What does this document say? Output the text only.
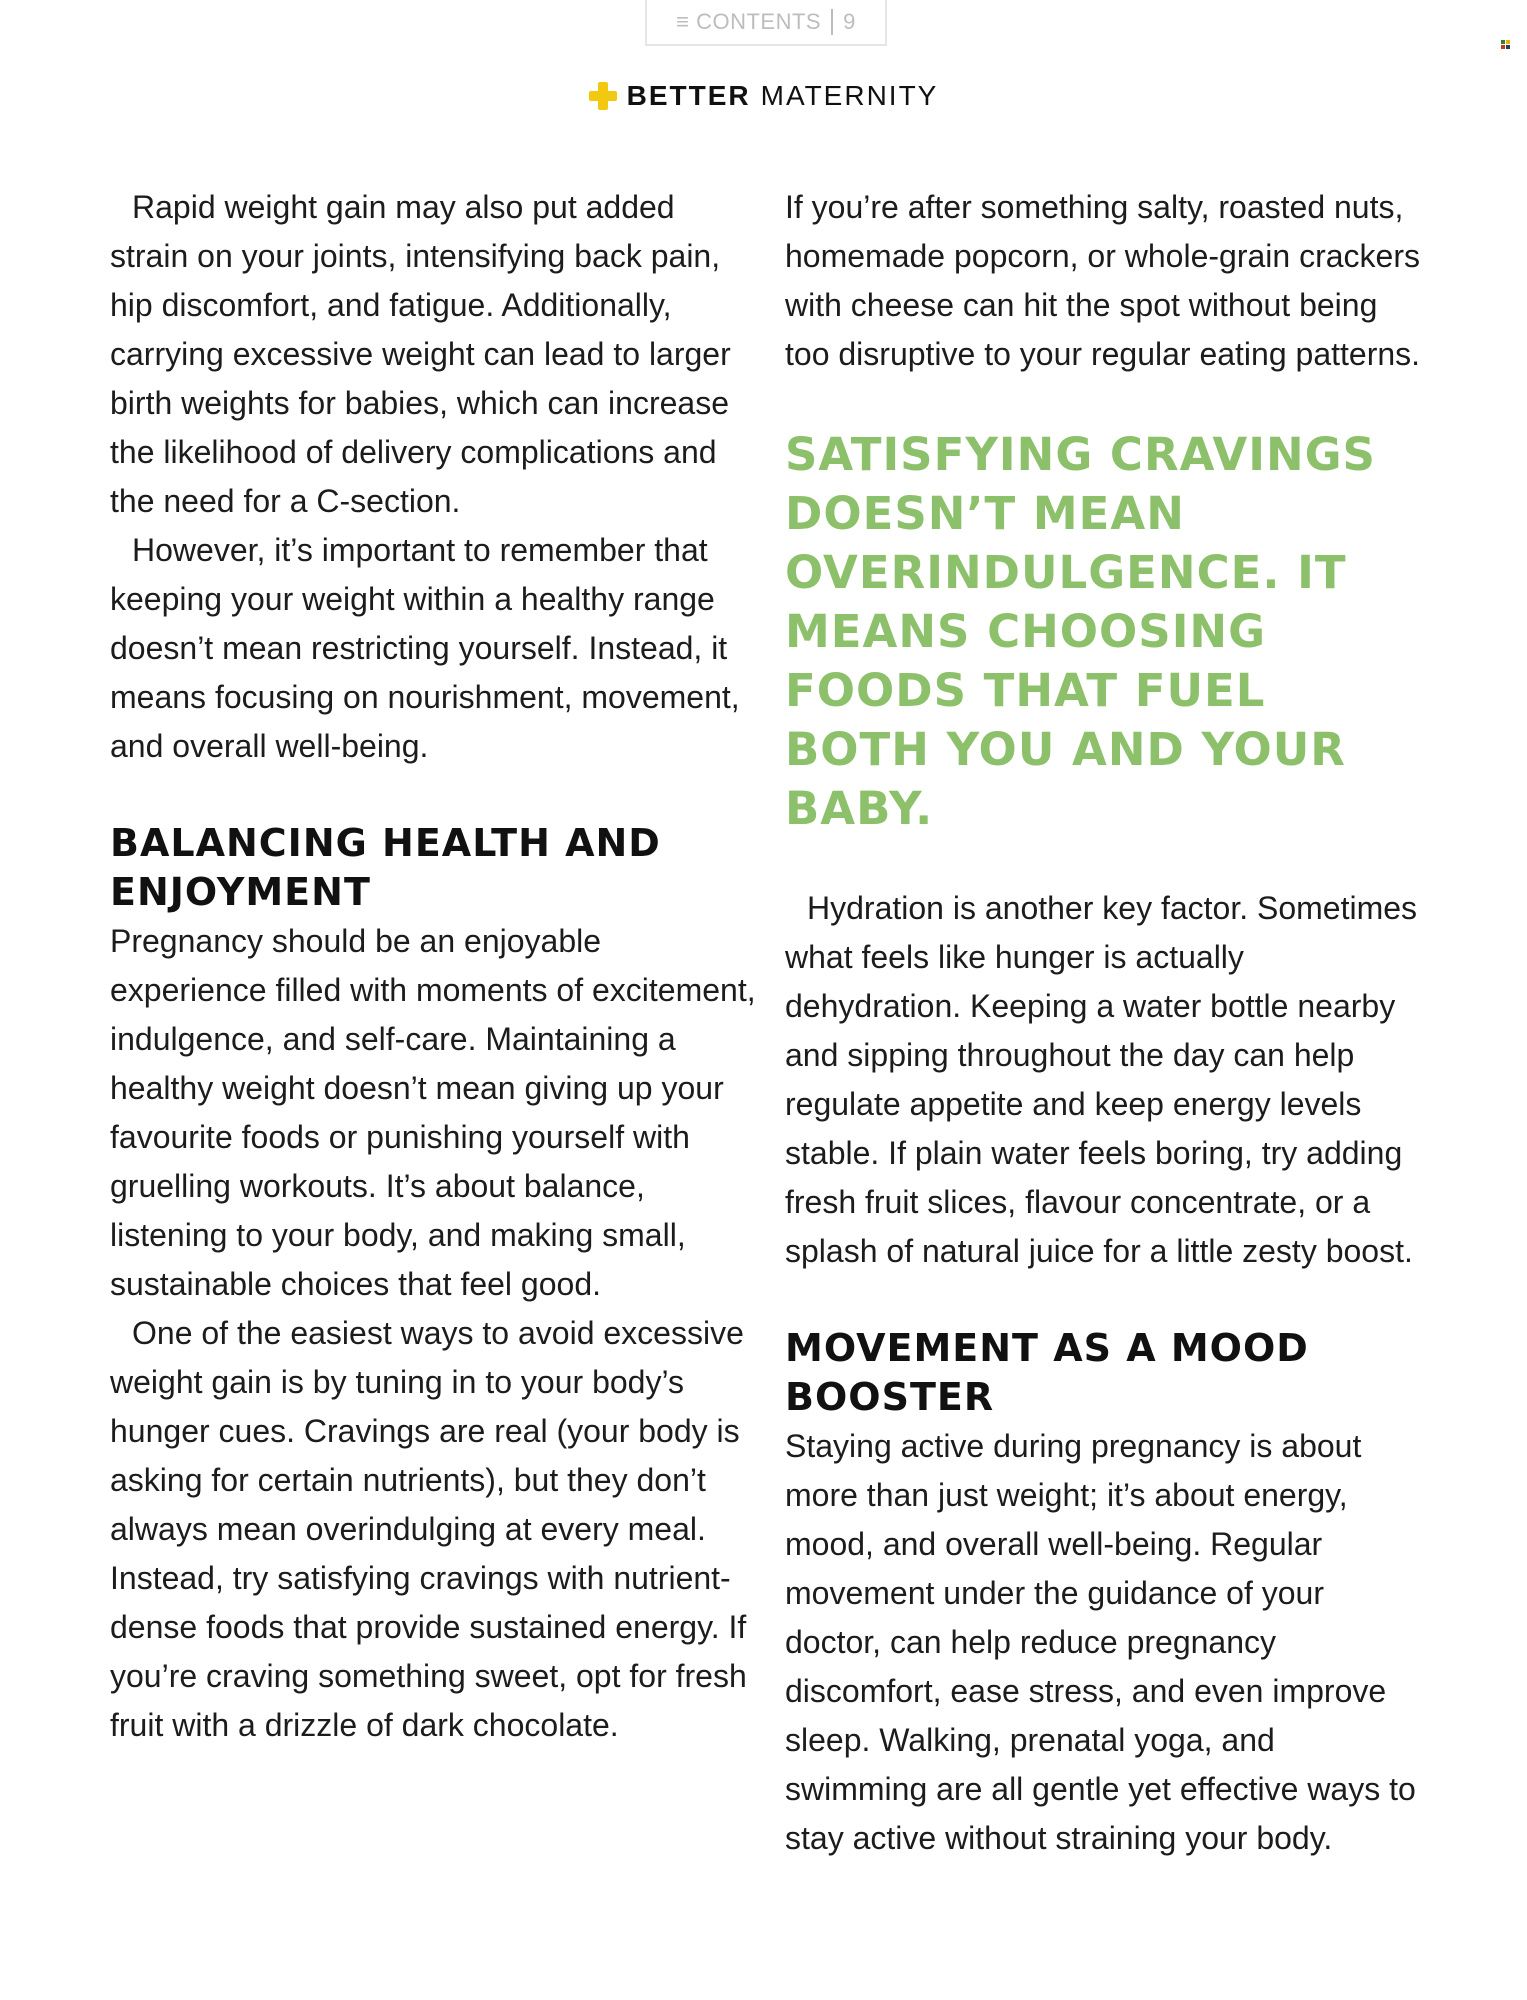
≡ CONTENTS 9
BETTER MATERNITY

Rapid weight gain may also put added strain on your joints, intensifying back pain, hip discomfort, and fatigue. Additionally, carrying excessive weight can lead to larger birth weights for babies, which can increase the likelihood of delivery complications and the need for a C-section.

However, it’s important to remember that keeping your weight within a healthy range doesn’t mean restricting yourself. Instead, it means focusing on nourishment, movement, and overall well-being.

BALANCING HEALTH AND ENJOYMENT

Pregnancy should be an enjoyable experience filled with moments of excitement, indulgence, and self-care. Maintaining a healthy weight doesn’t mean giving up your favourite foods or punishing yourself with gruelling workouts. It’s about balance, listening to your body, and making small, sustainable choices that feel good.

One of the easiest ways to avoid excessive weight gain is by tuning in to your body’s hunger cues. Cravings are real (your body is asking for certain nutrients), but they don’t always mean overindulging at every meal. Instead, try satisfying cravings with nutrient-dense foods that provide sustained energy. If you’re craving something sweet, opt for fresh fruit with a drizzle of dark chocolate.

If you’re after something salty, roasted nuts, homemade popcorn, or whole-grain crackers with cheese can hit the spot without being too disruptive to your regular eating patterns.

SATISFYING CRAVINGS DOESN’T MEAN OVERINDULGENCE. IT MEANS CHOOSING FOODS THAT FUEL BOTH YOU AND YOUR BABY.

Hydration is another key factor. Sometimes what feels like hunger is actually dehydration. Keeping a water bottle nearby and sipping throughout the day can help regulate appetite and keep energy levels stable. If plain water feels boring, try adding fresh fruit slices, flavour concentrate, or a splash of natural juice for a little zesty boost.

MOVEMENT AS A MOOD BOOSTER

Staying active during pregnancy is about more than just weight; it’s about energy, mood, and overall well-being. Regular movement under the guidance of your doctor, can help reduce pregnancy discomfort, ease stress, and even improve sleep. Walking, prenatal yoga, and swimming are all gentle yet effective ways to stay active without straining your body.
